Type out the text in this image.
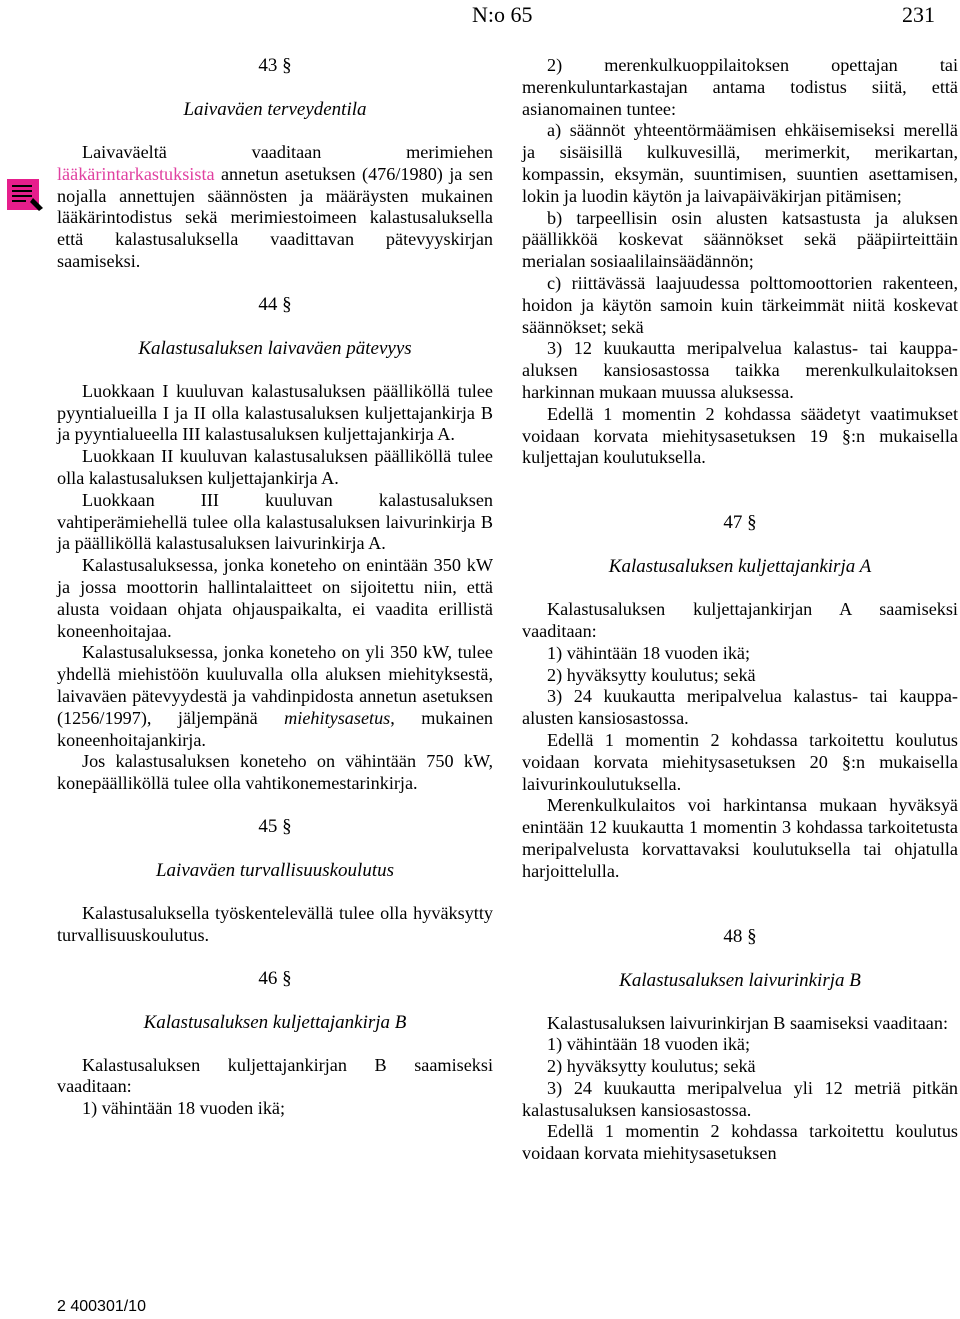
N:o 65	231

43 §

Laivaväen terveydentila

Laivaväeltä vaaditaan merimiehen lääkärintarkastuksista annetun asetuksen (476/1980) ja sen nojalla annettujen säännösten ja määräysten mukainen lääkärintodistus sekä merimiestoimeen kalastusaluksella että kalastusaluksella vaadittavan pätevyyskirjan saamiseksi.

44 §

Kalastusaluksen laivaväen pätevyys

Luokkaan I kuuluvan kalastusaluksen päälliköllä tulee pyyntialueilla I ja II olla kalastusaluksen kuljettajankirja B ja pyyntialueella III kalastusaluksen kuljettajankirja A.

Luokkaan II kuuluvan kalastusaluksen päälliköllä tulee olla kalastusaluksen kuljettajankirja A.

Luokkaan III kuuluvan kalastusaluksen vahtiperämiehellä tulee olla kalastusaluksen laivurinkirja B ja päälliköllä kalastusaluksen laivurinkirja A.

Kalastusaluksessa, jonka koneteho on enintään 350 kW ja jossa moottorin hallintalaitteet on sijoitettu niin, että alusta voidaan ohjata ohjauspaikalta, ei vaadita erillistä koneenhoitajaa.

Kalastusaluksessa, jonka koneteho on yli 350 kW, tulee yhdellä miehistöön kuuluvalla olla aluksen miehityksestä, laivaväen pätevyydestä ja vahdinpidosta annetun asetuksen (1256/1997), jäljempänä miehitysasetus, mukainen koneenhoitajankirja.

Jos kalastusaluksen koneteho on vähintään 750 kW, konepäälliköllä tulee olla vahtikonemestarinkirja.

45 §

Laivaväen turvallisuuskoulutus

Kalastusaluksella työskentelevällä tulee olla hyväksytty turvallisuuskoulutus.

46 §

Kalastusaluksen kuljettajankirja B

Kalastusaluksen kuljettajankirjan B saamiseksi vaaditaan:

1) vähintään 18 vuoden ikä;

2) merenkulkuoppilaitoksen opettajan tai merenkuluntarkastajan antama todistus siitä, että asianomainen tuntee:

a) säännöt yhteentörmäämisen ehkäisemiseksi merellä ja sisäisillä kulkuvesillä, merimerkit, merikartan, kompassin, eksymän, suuntimisen, suuntien asettamisen, lokin ja luodin käytön ja laivapäiväkirjan pitämisen;

b) tarpeellisin osin alusten katsastusta ja aluksen päällikköä koskevat säännökset sekä pääpiirteittäin merialan sosiaalilainsäädännön;

c) riittävässä laajuudessa polttomoottorien rakenteen, hoidon ja käytön samoin kuin tärkeimmät niitä koskevat säännökset; sekä

3) 12 kuukautta meripalvelua kalastus- tai kauppa-aluksen kansiosastossa taikka merenkulkulaitoksen harkinnan mukaan muussa aluksessa.

Edellä 1 momentin 2 kohdassa säädetyt vaatimukset voidaan korvata miehitysasetuksen 19 §:n mukaisella kuljettajan koulutuksella.

47 §

Kalastusaluksen kuljettajankirja A

Kalastusaluksen kuljettajankirjan A saamiseksi vaaditaan:

1) vähintään 18 vuoden ikä;

2) hyväksytty koulutus; sekä

3) 24 kuukautta meripalvelua kalastus- tai kauppa-alusten kansiosastossa.

Edellä 1 momentin 2 kohdassa tarkoitettu koulutus voidaan korvata miehitysasetuksen 20 §:n mukaisella laivurinkoulutuksella.

Merenkulkulaitos voi harkintansa mukaan hyväksyä enintään 12 kuukautta 1 momentin 3 kohdassa tarkoitetusta meripalvelusta korvattavaksi koulutuksella tai ohjatulla harjoittelulla.

48 §

Kalastusaluksen laivurinkirja B

Kalastusaluksen laivurinkirjan B saamiseksi vaaditaan:

1) vähintään 18 vuoden ikä;

2) hyväksytty koulutus; sekä

3) 24 kuukautta meripalvelua yli 12 metriä pitkän kalastusaluksen kansiosastossa.

Edellä 1 momentin 2 kohdassa tarkoitettu koulutus voidaan korvata miehitysasetuksen

2 400301/10
